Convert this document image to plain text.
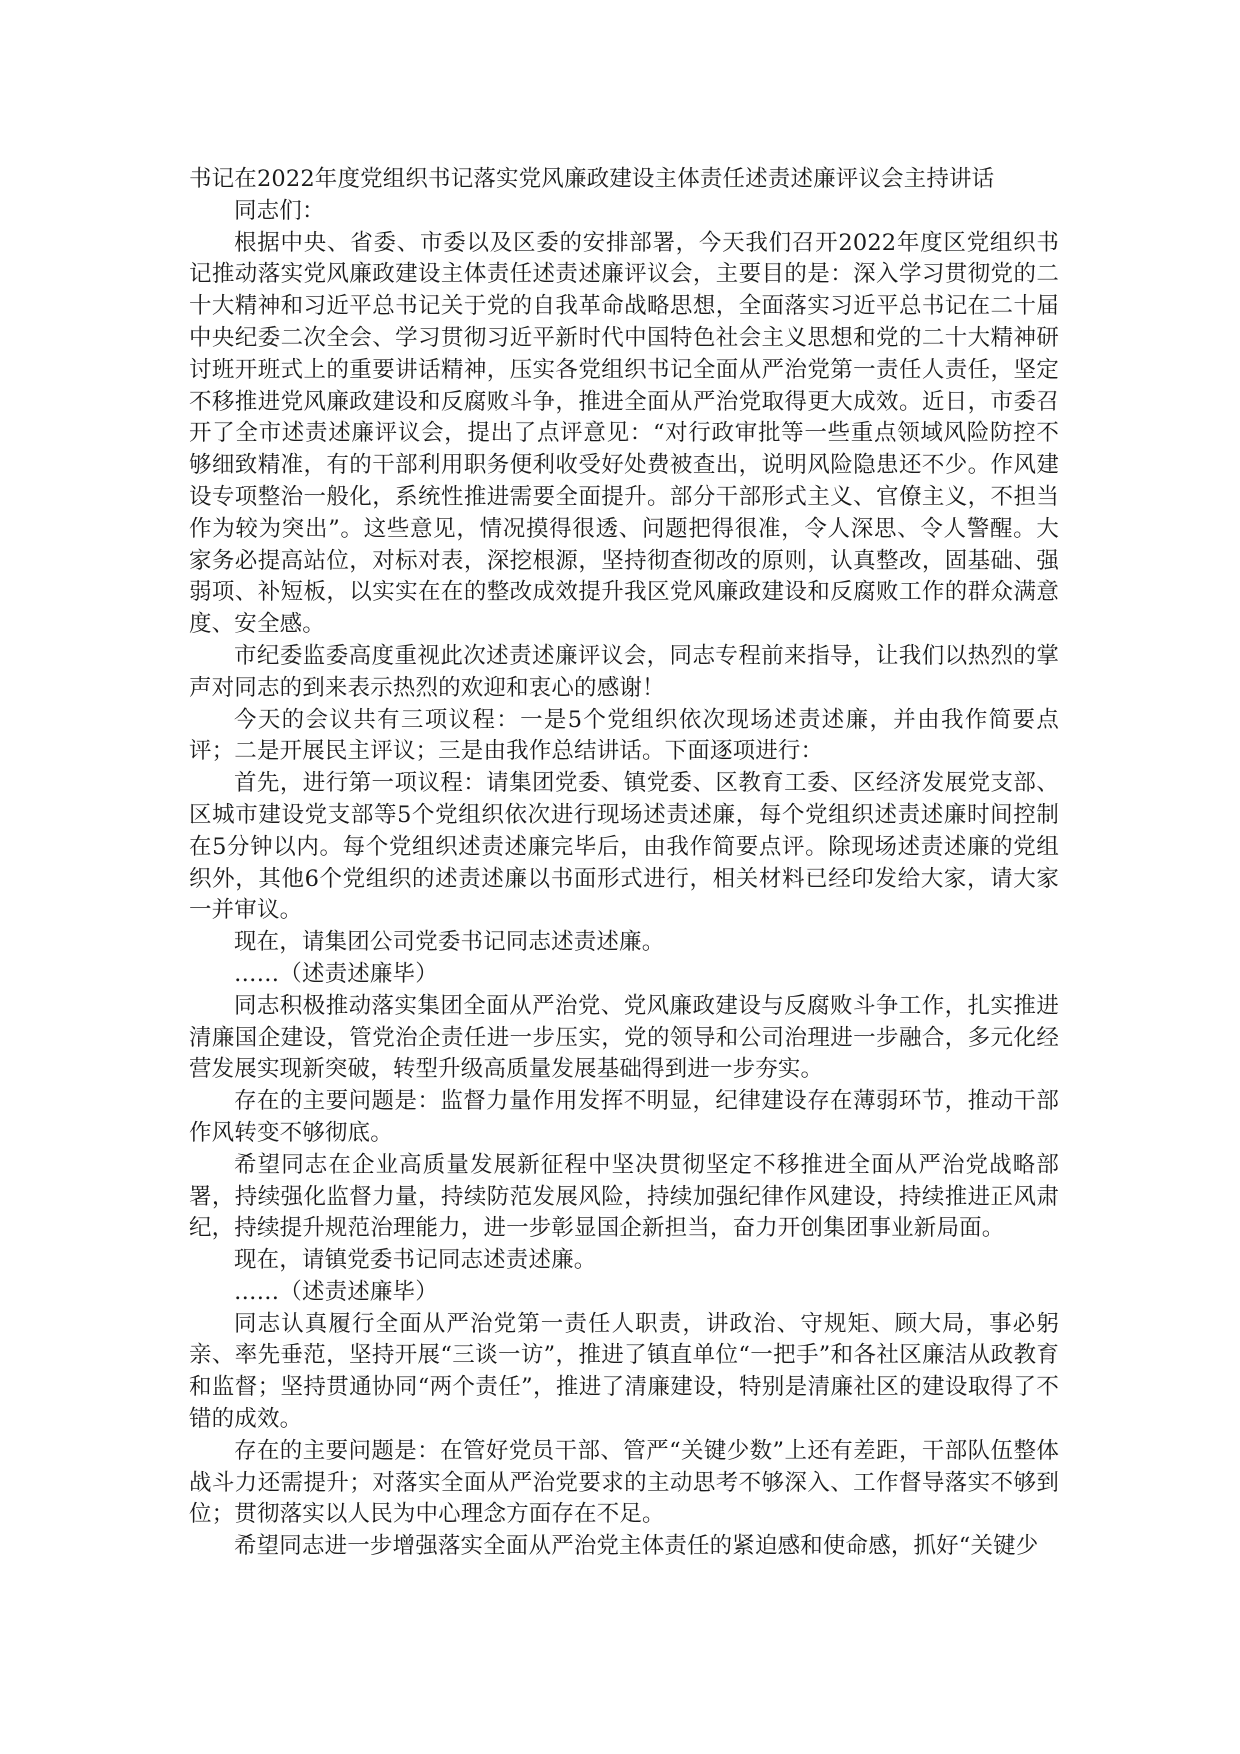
书记在2022年度党组织书记落实党风廉政建设主体责任述责述廉评议会主持讲话

同志们：

根据中央、省委、市委以及区委的安排部署，今天我们召开2022年度区党组织书记推动落实党风廉政建设主体责任述责述廉评议会，主要目的是：深入学习贯彻党的二十大精神和习近平总书记关于党的自我革命战略思想，全面落实习近平总书记在二十届中央纪委二次全会、学习贯彻习近平新时代中国特色社会主义思想和党的二十大精神研讨班开班式上的重要讲话精神，压实各党组织书记全面从严治党第一责任人责任，坚定不移推进党风廉政建设和反腐败斗争，推进全面从严治党取得更大成效。近日，市委召开了全市述责述廉评议会，提出了点评意见：“对行政审批等一些重点领域风险防控不够细致精准，有的干部利用职务便利收受好处费被查出，说明风险隐患还不少。作风建设专项整治一般化，系统性推进需要全面提升。部分干部形式主义、官僚主义，不担当作为较为突出”。这些意见，情况摸得很透、问题把得很准，令人深思、令人警醒。大家务必提高站位，对标对表，深挖根源，坚持彻查彻改的原则，认真整改，固基础、强弱项、补短板，以实实在在的整改成效提升我区党风廉政建设和反腐败工作的群众满意度、安全感。

市纪委监委高度重视此次述责述廉评议会，同志专程前来指导，让我们以热烈的掌声对同志的到来表示热烈的欢迎和衷心的感谢！

今天的会议共有三项议程：一是5个党组织依次现场述责述廉，并由我作简要点评；二是开展民主评议；三是由我作总结讲话。下面逐项进行：

首先，进行第一项议程：请集团党委、镇党委、区教育工委、区经济发展党支部、区城市建设党支部等5个党组织依次进行现场述责述廉，每个党组织述责述廉时间控制在5分钟以内。每个党组织述责述廉完毕后，由我作简要点评。除现场述责述廉的党组织外，其他6个党组织的述责述廉以书面形式进行，相关材料已经印发给大家，请大家一并审议。

现在，请集团公司党委书记同志述责述廉。

……（述责述廉毕）

同志积极推动落实集团全面从严治党、党风廉政建设与反腐败斗争工作，扎实推进清廉国企建设，管党治企责任进一步压实，党的领导和公司治理进一步融合，多元化经营发展实现新突破，转型升级高质量发展基础得到进一步夯实。

存在的主要问题是：监督力量作用发挥不明显，纪律建设存在薄弱环节，推动干部作风转变不够彻底。

希望同志在企业高质量发展新征程中坚决贯彻坚定不移推进全面从严治党战略部署，持续强化监督力量，持续防范发展风险，持续加强纪律作风建设，持续推进正风肃纪，持续提升规范治理能力，进一步彰显国企新担当，奋力开创集团事业新局面。

现在，请镇党委书记同志述责述廉。

……（述责述廉毕）

同志认真履行全面从严治党第一责任人职责，讲政治、守规矩、顾大局，事必躬亲、率先垂范，坚持开展“三谈一访”，推进了镇直单位“一把手”和各社区廉洁从政教育和监督；坚持贯通协同“两个责任”，推进了清廉建设，特别是清廉社区的建设取得了不错的成效。

存在的主要问题是：在管好党员干部、管严“关键少数”上还有差距，干部队伍整体战斗力还需提升；对落实全面从严治党要求的主动思考不够深入、工作督导落实不够到位；贯彻落实以人民为中心理念方面存在不足。

希望同志进一步增强落实全面从严治党主体责任的紧迫感和使命感，抓好“关键少
